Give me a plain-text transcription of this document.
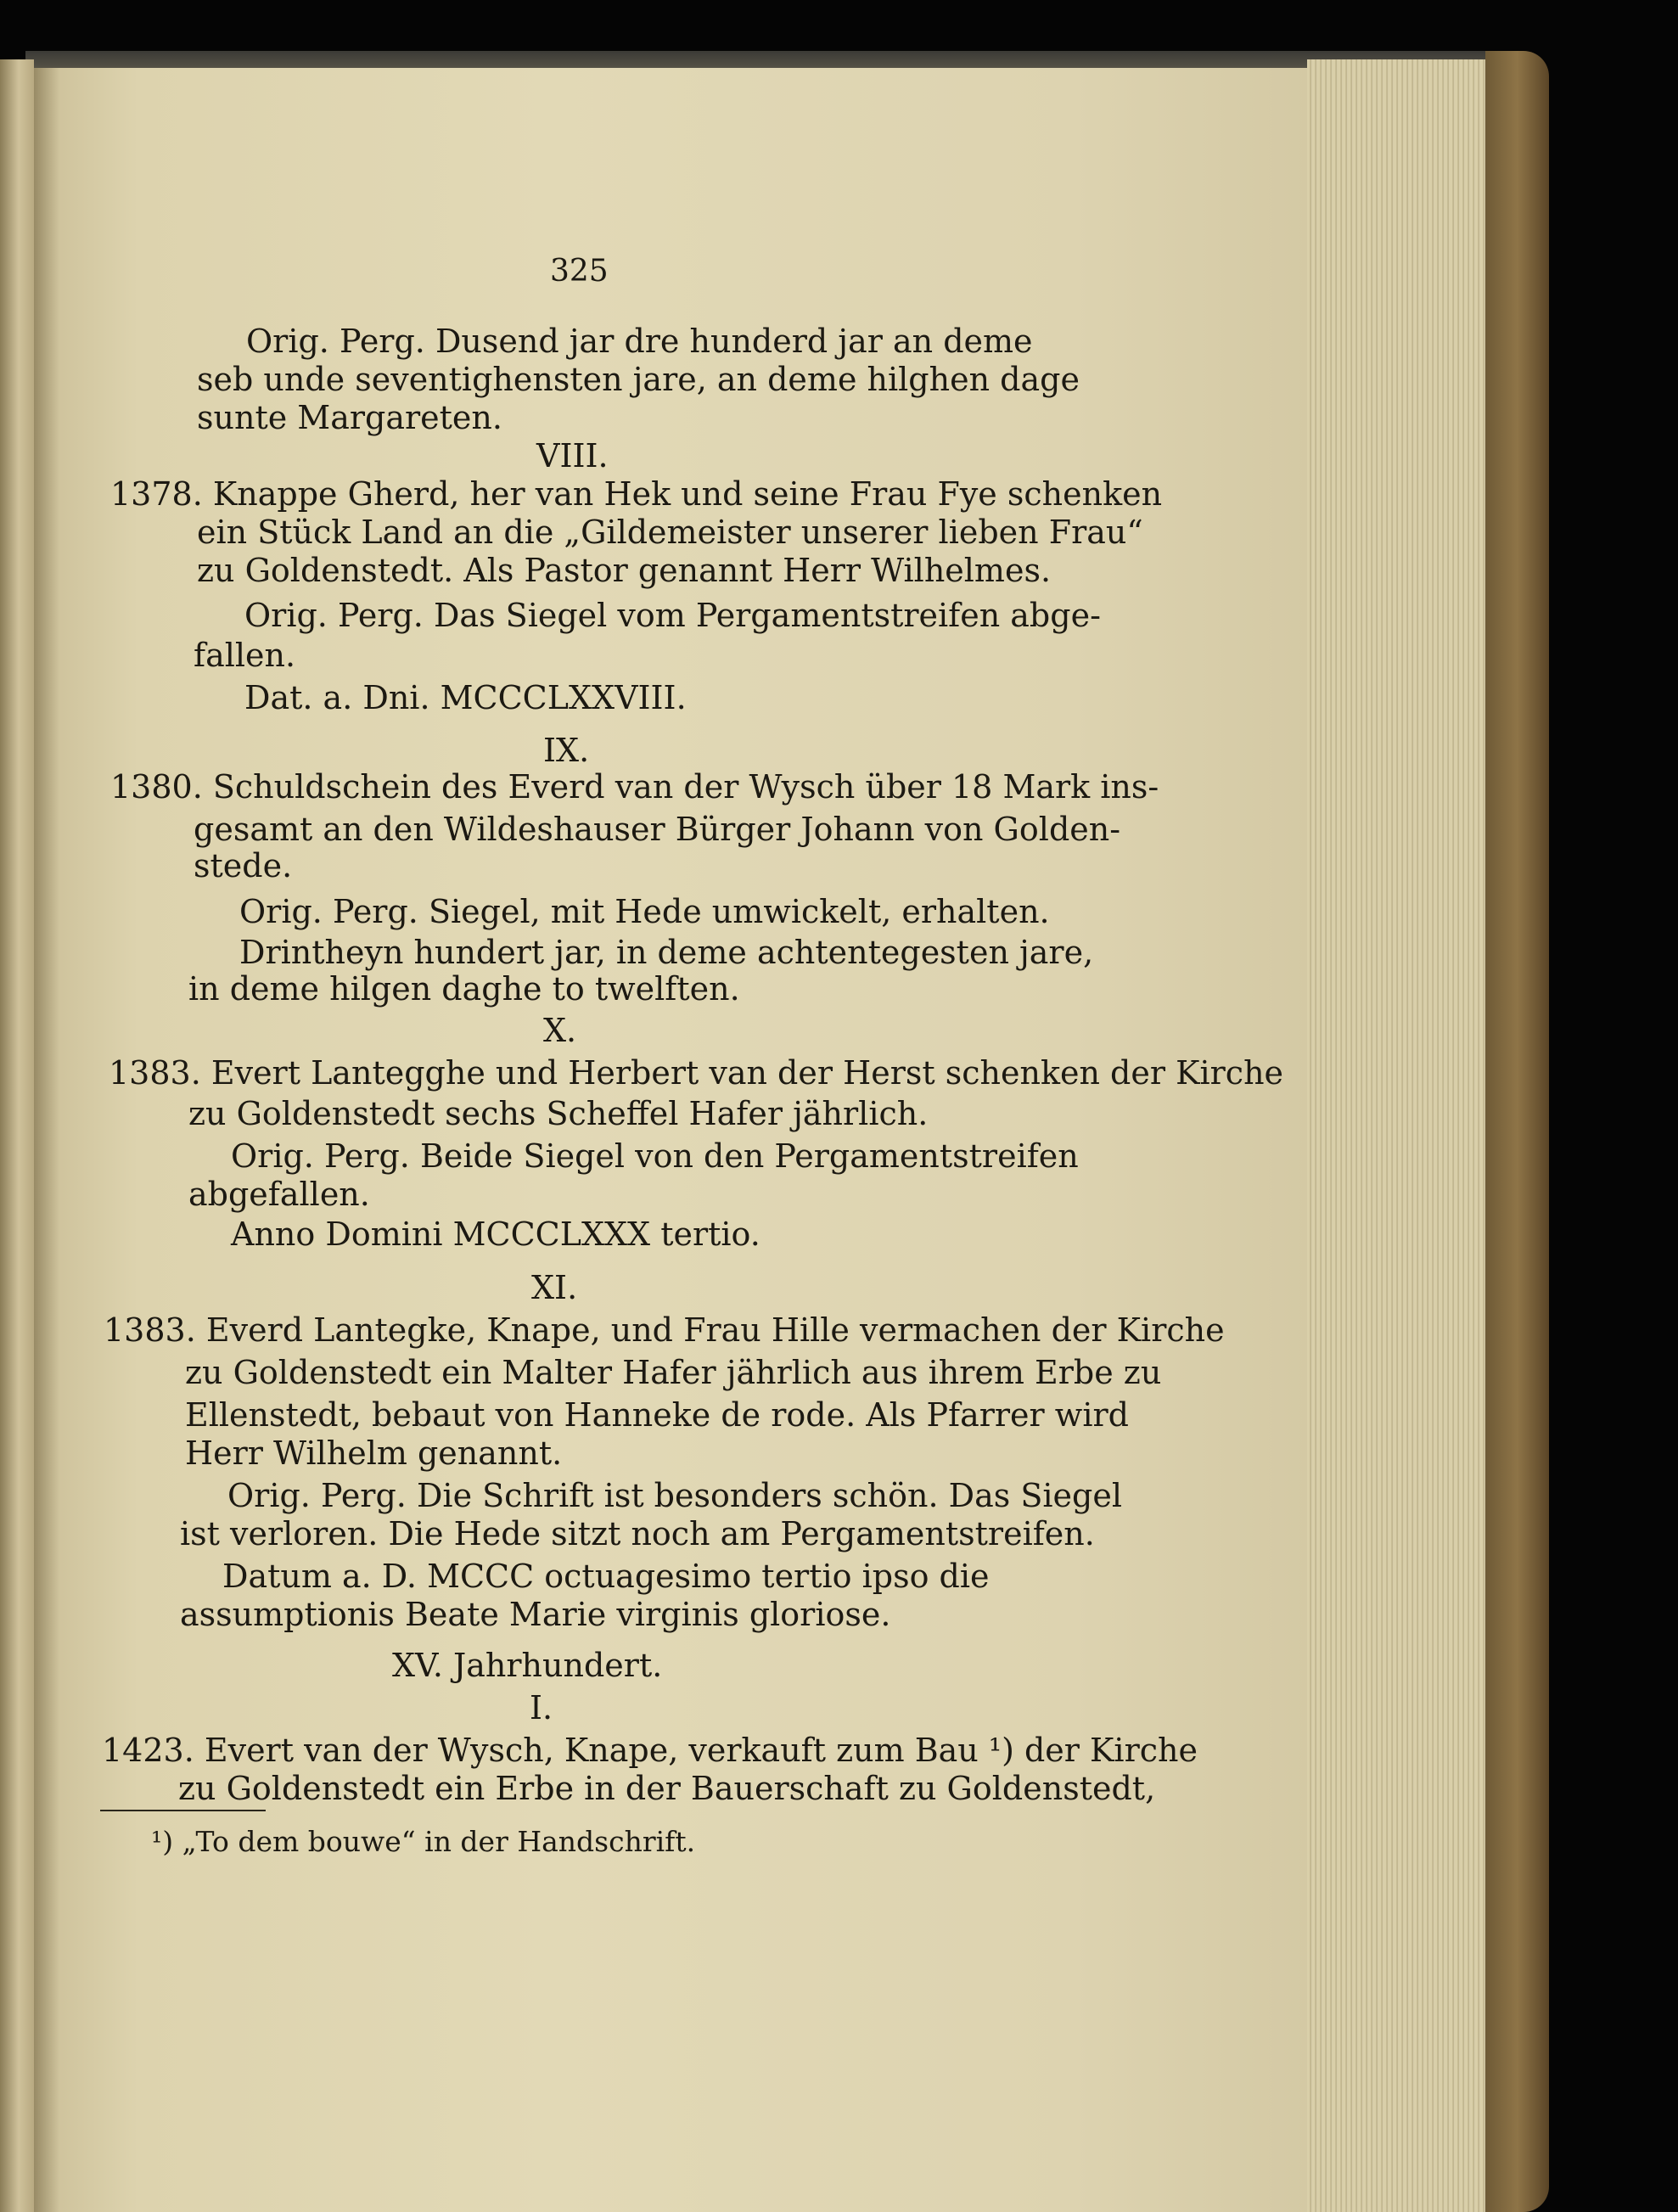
325
Orig. Perg. Dusend jar dre hunderd jar an deme
seb unde seventighensten jare, an deme hilghen dage
sunte Margareten.
VIII.
1378. Knappe Gherd, her van Hek und seine Frau Fye schenken
ein Stück Land an die „Gildemeister unserer lieben Frau“
zu Goldenstedt. Als Pastor genannt Herr Wilhelmes.
Orig. Perg. Das Siegel vom Pergamentstreifen abge-
fallen.
Dat. a. Dni. MCCCLXXVIII.
IX.
1380. Schuldschein des Everd van der Wysch über 18 Mark ins-
gesamt an den Wildeshauser Bürger Johann von Golden-
stede.
Orig. Perg. Siegel, mit Hede umwickelt, erhalten.
Drintheyn hundert jar, in deme achtentegesten jare,
in deme hilgen daghe to twelften.
X.
1383. Evert Lantegghe und Herbert van der Herst schenken der Kirche
zu Goldenstedt sechs Scheffel Hafer jährlich.
Orig. Perg. Beide Siegel von den Pergamentstreifen
abgefallen.
Anno Domini MCCCLXXX tertio.
XI.
1383. Everd Lantegke, Knape, und Frau Hille vermachen der Kirche
zu Goldenstedt ein Malter Hafer jährlich aus ihrem Erbe zu
Ellenstedt, bebaut von Hanneke de rode. Als Pfarrer wird
Herr Wilhelm genannt.
Orig. Perg. Die Schrift ist besonders schön. Das Siegel
ist verloren. Die Hede sitzt noch am Pergamentstreifen.
Datum a. D. MCCC octuagesimo tertio ipso die
assumptionis Beate Marie virginis gloriose.
XV. Jahrhundert.
I.
1423. Evert van der Wysch, Knape, verkauft zum Bau ¹) der Kirche
zu Goldenstedt ein Erbe in der Bauerschaft zu Goldenstedt,
¹) „To dem bouwe“ in der Handschrift.
